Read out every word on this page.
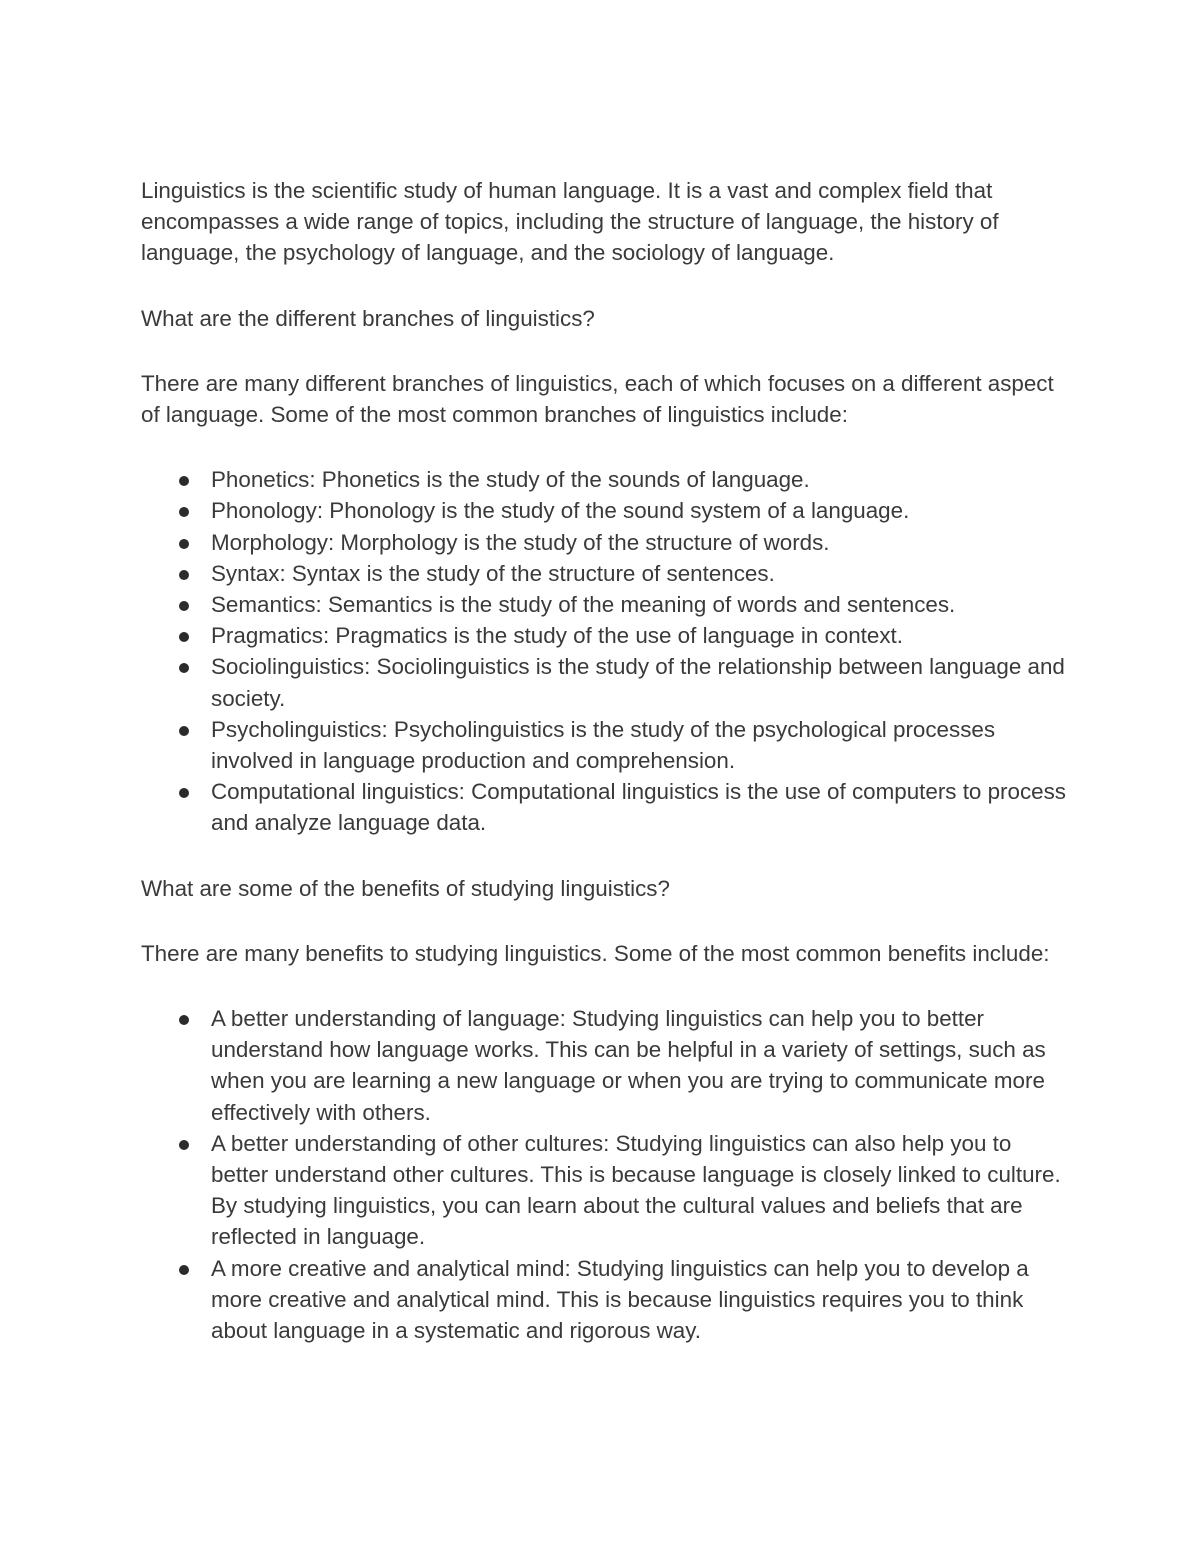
Linguistics is the scientific study of human language. It is a vast and complex field that encompasses a wide range of topics, including the structure of language, the history of language, the psychology of language, and the sociology of language.

What are the different branches of linguistics?

There are many different branches of linguistics, each of which focuses on a different aspect of language. Some of the most common branches of linguistics include:

Phonetics: Phonetics is the study of the sounds of language.
Phonology: Phonology is the study of the sound system of a language.
Morphology: Morphology is the study of the structure of words.
Syntax: Syntax is the study of the structure of sentences.
Semantics: Semantics is the study of the meaning of words and sentences.
Pragmatics: Pragmatics is the study of the use of language in context.
Sociolinguistics: Sociolinguistics is the study of the relationship between language and society.
Psycholinguistics: Psycholinguistics is the study of the psychological processes involved in language production and comprehension.
Computational linguistics: Computational linguistics is the use of computers to process and analyze language data.

What are some of the benefits of studying linguistics?

There are many benefits to studying linguistics. Some of the most common benefits include:

A better understanding of language: Studying linguistics can help you to better understand how language works. This can be helpful in a variety of settings, such as when you are learning a new language or when you are trying to communicate more effectively with others.
A better understanding of other cultures: Studying linguistics can also help you to better understand other cultures. This is because language is closely linked to culture. By studying linguistics, you can learn about the cultural values and beliefs that are reflected in language.
A more creative and analytical mind: Studying linguistics can help you to develop a more creative and analytical mind. This is because linguistics requires you to think about language in a systematic and rigorous way.
